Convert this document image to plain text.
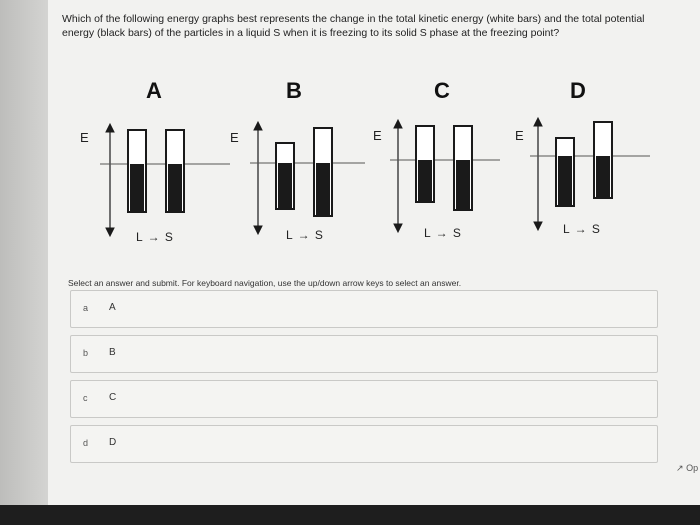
Which of the following energy graphs best represents the change in the total kinetic energy (white bars) and the total potential energy (black bars) of the particles in a liquid S when it is freezing to its solid S phase at the freezing point?
A
E
L → S
B
E
L → S
C
E
L → S
D
E
L → S
Select an answer and submit. For keyboard navigation, use the up/down arrow keys to select an answer.
a A
b B
c C
d D
↗ Op
